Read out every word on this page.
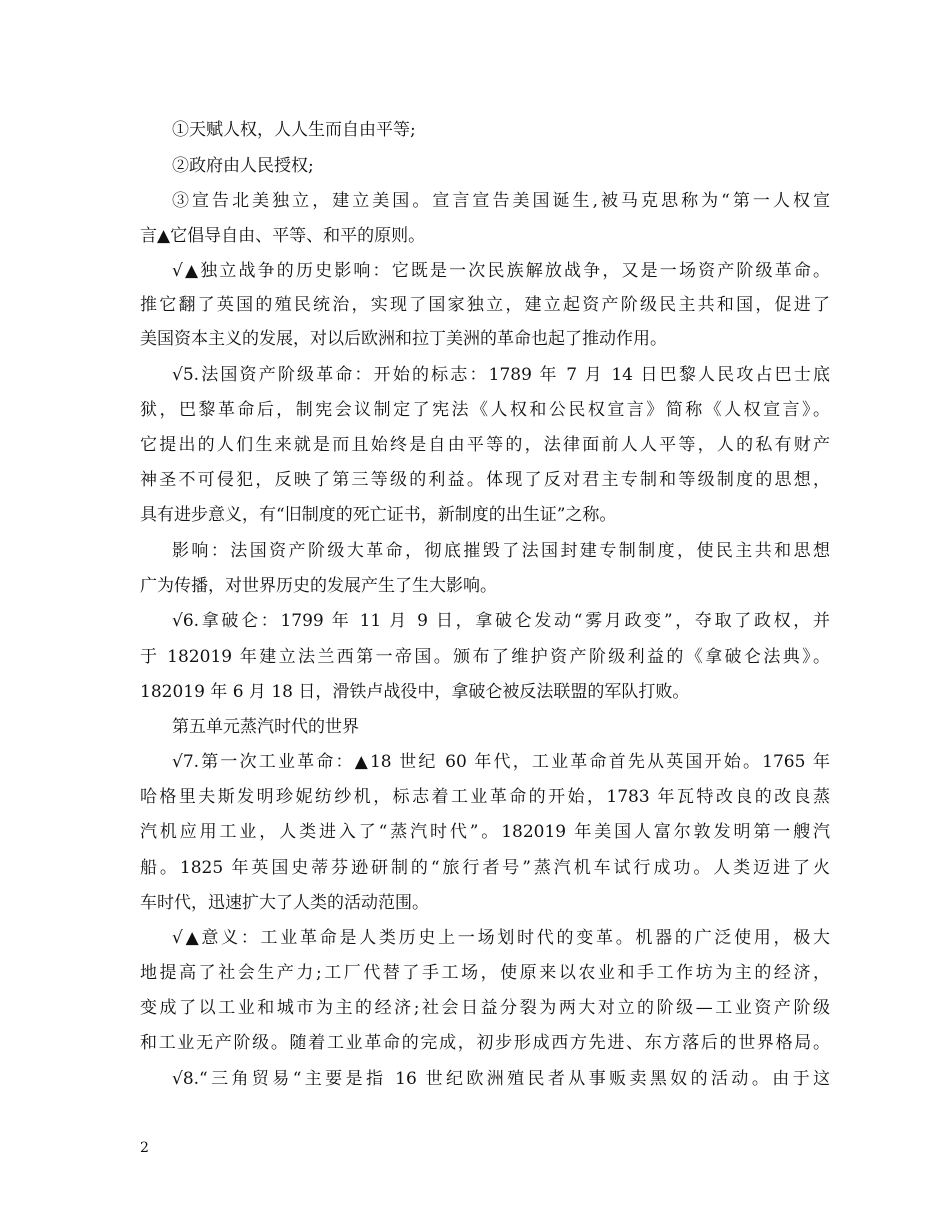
①天赋人权，人人生而自由平等;
②政府由人民授权;
③宣告北美独立，建立美国。宣言宣告美国诞生,被马克思称为“第一人权宣
言▲它倡导自由、平等、和平的原则。
√▲独立战争的历史影响：它既是一次民族解放战争，又是一场资产阶级革命。
推它翻了英国的殖民统治，实现了国家独立，建立起资产阶级民主共和国，促进了
美国资本主义的发展，对以后欧洲和拉丁美洲的革命也起了推动作用。
√5.法国资产阶级革命：开始的标志：1789 年 7 月 14 日巴黎人民攻占巴士底
狱，巴黎革命后，制宪会议制定了宪法《人权和公民权宣言》简称《人权宣言》。
它提出的人们生来就是而且始终是自由平等的，法律面前人人平等，人的私有财产
神圣不可侵犯，反映了第三等级的利益。体现了反对君主专制和等级制度的思想，
具有进步意义，有“旧制度的死亡证书，新制度的出生证”之称。
影响：法国资产阶级大革命，彻底摧毁了法国封建专制制度，使民主共和思想
广为传播，对世界历史的发展产生了生大影响。
√6.拿破仑：1799 年 11 月 9 日，拿破仑发动“雾月政变”，夺取了政权，并
于 182019 年建立法兰西第一帝国。颁布了维护资产阶级利益的《拿破仑法典》。
182019 年 6 月 18 日，滑铁卢战役中，拿破仑被反法联盟的军队打败。
第五单元蒸汽时代的世界
√7.第一次工业革命：▲18 世纪 60 年代，工业革命首先从英国开始。1765 年
哈格里夫斯发明珍妮纺纱机，标志着工业革命的开始，1783 年瓦特改良的改良蒸
汽机应用工业，人类进入了“蒸汽时代”。182019 年美国人富尔敦发明第一艘汽
船。1825 年英国史蒂芬逊研制的“旅行者号”蒸汽机车试行成功。人类迈进了火
车时代，迅速扩大了人类的活动范围。
√▲意义：工业革命是人类历史上一场划时代的变革。机器的广泛使用，极大
地提高了社会生产力;工厂代替了手工场，使原来以农业和手工作坊为主的经济，
变成了以工业和城市为主的经济;社会日益分裂为两大对立的阶级—工业资产阶级
和工业无产阶级。随着工业革命的完成，初步形成西方先进、东方落后的世界格局。
√8.“三角贸易“主要是指 16 世纪欧洲殖民者从事贩卖黑奴的活动。由于这
2
